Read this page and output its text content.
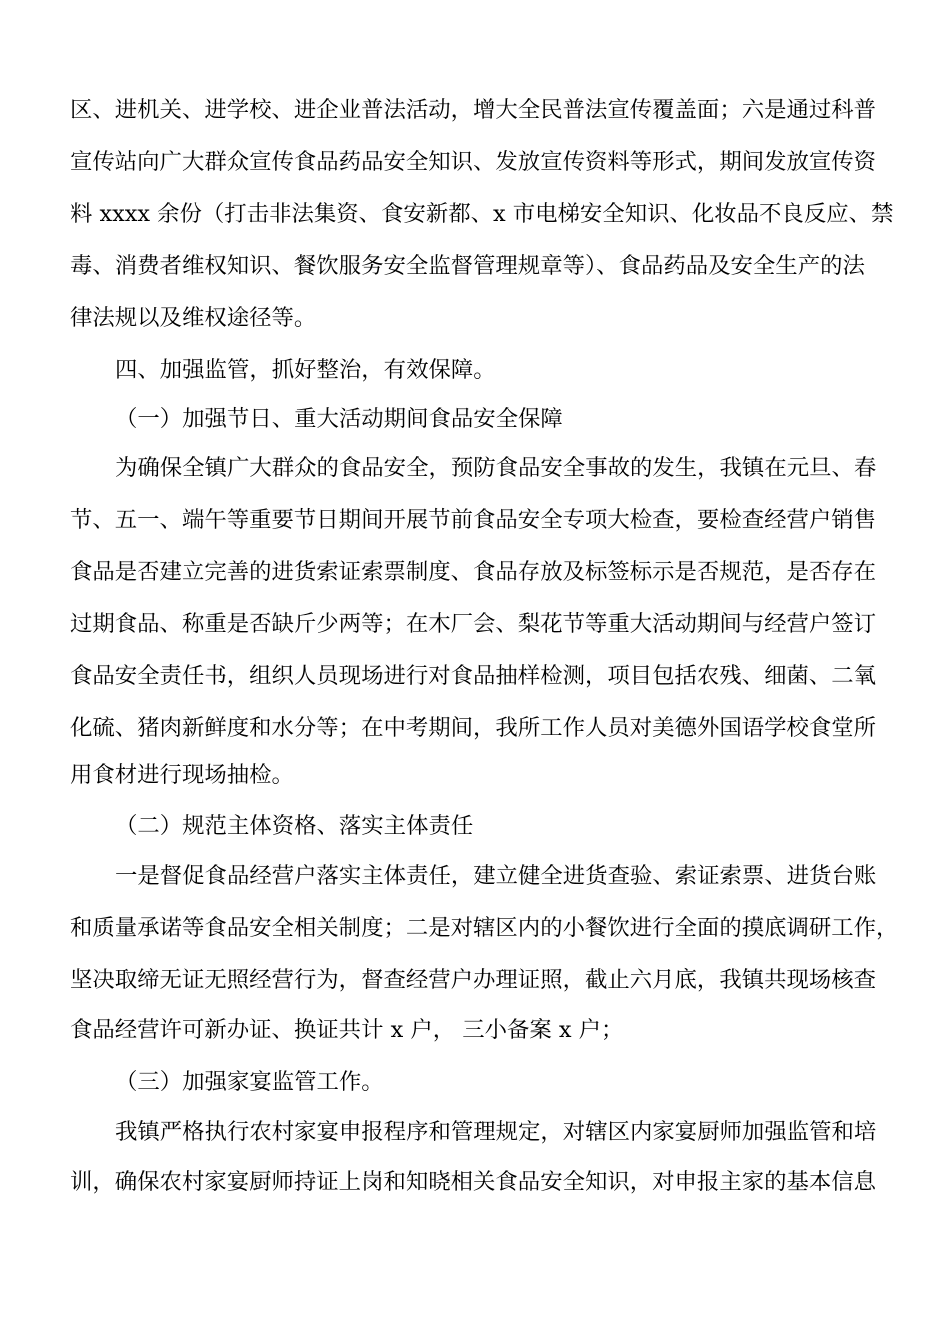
区、进机关、进学校、进企业普法活动，增大全民普法宣传覆盖面；六是通过科普
宣传站向广大群众宣传食品药品安全知识、发放宣传资料等形式，期间发放宣传资
料 xxxx 余份（打击非法集资、食安新都、x 市电梯安全知识、化妆品不良反应、禁
毒、消费者维权知识、餐饮服务安全监督管理规章等）、食品药品及安全生产的法
律法规以及维权途径等。
四、加强监管，抓好整治，有效保障。
（一）加强节日、重大活动期间食品安全保障
为确保全镇广大群众的食品安全，预防食品安全事故的发生，我镇在元旦、春
节、五一、端午等重要节日期间开展节前食品安全专项大检查，要检查经营户销售
食品是否建立完善的进货索证索票制度、食品存放及标签标示是否规范，是否存在
过期食品、称重是否缺斤少两等；在木厂会、梨花节等重大活动期间与经营户签订
食品安全责任书，组织人员现场进行对食品抽样检测，项目包括农残、细菌、二氧
化硫、猪肉新鲜度和水分等；在中考期间，我所工作人员对美德外国语学校食堂所
用食材进行现场抽检。
（二）规范主体资格、落实主体责任
一是督促食品经营户落实主体责任，建立健全进货查验、索证索票、进货台账
和质量承诺等食品安全相关制度；二是对辖区内的小餐饮进行全面的摸底调研工作，
坚决取缔无证无照经营行为，督查经营户办理证照，截止六月底，我镇共现场核查
食品经营许可新办证、换证共计 x 户， 三小备案 x 户；
（三）加强家宴监管工作。
我镇严格执行农村家宴申报程序和管理规定，对辖区内家宴厨师加强监管和培
训，确保农村家宴厨师持证上岗和知晓相关食品安全知识，对申报主家的基本信息
